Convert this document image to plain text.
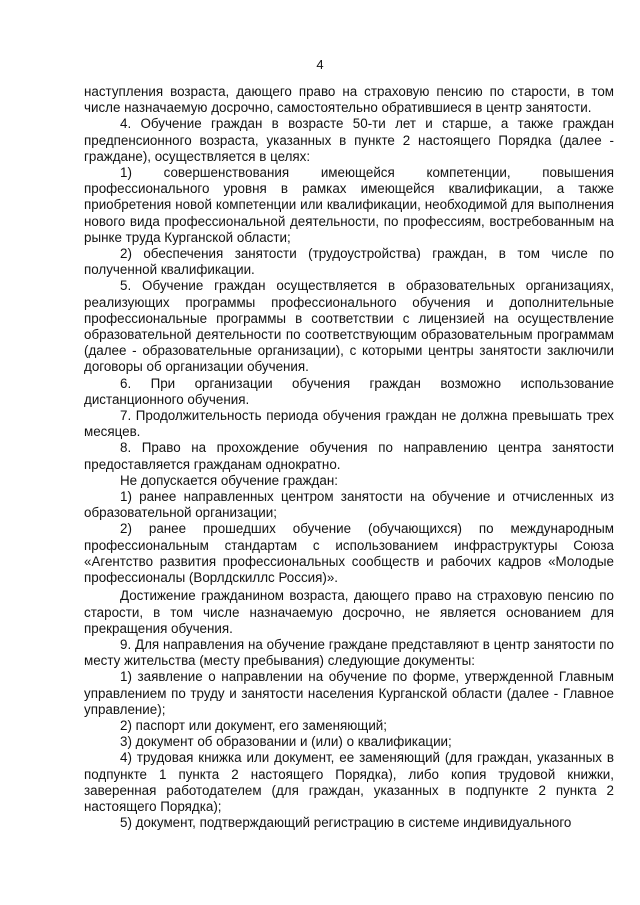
4

наступления возраста, дающего право на страховую пенсию по старости, в том числе назначаемую досрочно, самостоятельно обратившиеся в центр занятости.

4. Обучение граждан в возрасте 50-ти лет и старше, а также граждан предпенсионного возраста, указанных в пункте 2 настоящего Порядка (далее - граждане), осуществляется в целях:

1) совершенствования имеющейся компетенции, повышения профессионального уровня в рамках имеющейся квалификации, а также приобретения новой компетенции или квалификации, необходимой для выполнения нового вида профессиональной деятельности, по профессиям, востребованным на рынке труда Курганской области;

2) обеспечения занятости (трудоустройства) граждан, в том числе по полученной квалификации.

5. Обучение граждан осуществляется в образовательных организациях, реализующих программы профессионального обучения и дополнительные профессиональные программы в соответствии с лицензией на осуществление образовательной деятельности по соответствующим образовательным программам (далее - образовательные организации), с которыми центры занятости заключили договоры об организации обучения.

6. При организации обучения граждан возможно использование дистанционного обучения.

7. Продолжительность периода обучения граждан не должна превышать трех месяцев.

8. Право на прохождение обучения по направлению центра занятости предоставляется гражданам однократно.

Не допускается обучение граждан:

1) ранее направленных центром занятости на обучение и отчисленных из образовательной организации;

2) ранее прошедших обучение (обучающихся) по международным профессиональным стандартам с использованием инфраструктуры Союза «Агентство развития профессиональных сообществ и рабочих кадров «Молодые профессионалы (Ворлдскиллс Россия)».

Достижение гражданином возраста, дающего право на страховую пенсию по старости, в том числе назначаемую досрочно, не является основанием для прекращения обучения.

9. Для направления на обучение граждане представляют в центр занятости по месту жительства (месту пребывания) следующие документы:

1) заявление о направлении на обучение по форме, утвержденной Главным управлением по труду и занятости населения Курганской области (далее - Главное управление);

2) паспорт или документ, его заменяющий;

3) документ об образовании и (или) о квалификации;

4) трудовая книжка или документ, ее заменяющий (для граждан, указанных в подпункте 1 пункта 2 настоящего Порядка), либо копия трудовой книжки, заверенная работодателем (для граждан, указанных в подпункте 2 пункта 2 настоящего Порядка);

5) документ, подтверждающий регистрацию в системе индивидуального
